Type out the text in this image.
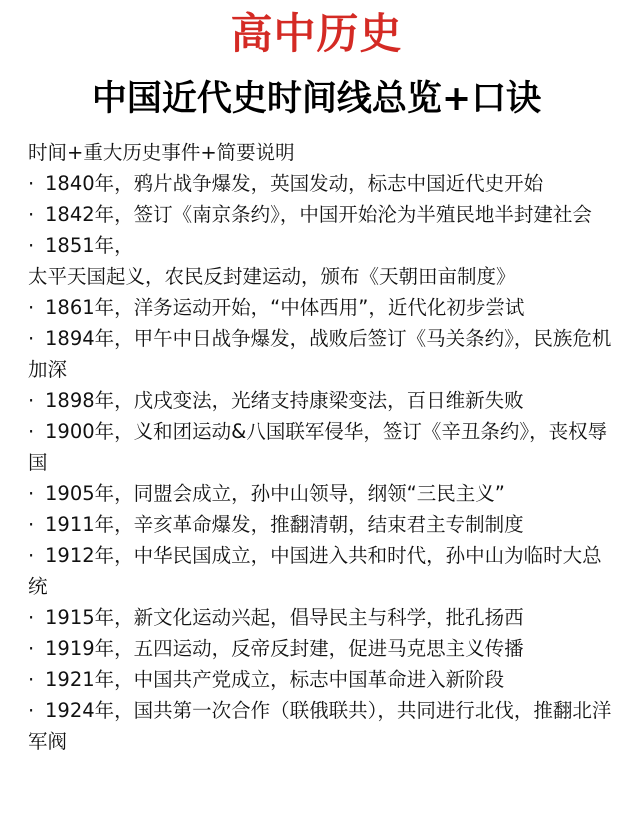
高中历史
中国近代史时间线总览+口诀
时间+重大历史事件+简要说明
· 1840年，鸦片战争爆发，英国发动，标志中国近代史开始
· 1842年，签订《南京条约》，中国开始沦为半殖民地半封建社会
· 1851年，太平天国起义，农民反封建运动，颁布《天朝田亩制度》
· 1861年，洋务运动开始，“中体西用”，近代化初步尝试
· 1894年，甲午中日战争爆发，战败后签订《马关条约》，民族危机加深
· 1898年，戊戌变法，光绪支持康梁变法，百日维新失败
· 1900年，义和团运动&八国联军侵华，签订《辛丑条约》，丧权辱国
· 1905年，同盟会成立，孙中山领导，纲领“三民主义”
· 1911年，辛亥革命爆发，推翻清朝，结束君主专制制度
· 1912年，中华民国成立，中国进入共和时代，孙中山为临时大总统
· 1915年，新文化运动兴起，倡导民主与科学，批孔扬西
· 1919年，五四运动，反帝反封建，促进马克思主义传播
· 1921年，中国共产党成立，标志中国革命进入新阶段
· 1924年，国共第一次合作（联俄联共），共同进行北伐，推翻北洋军阀
